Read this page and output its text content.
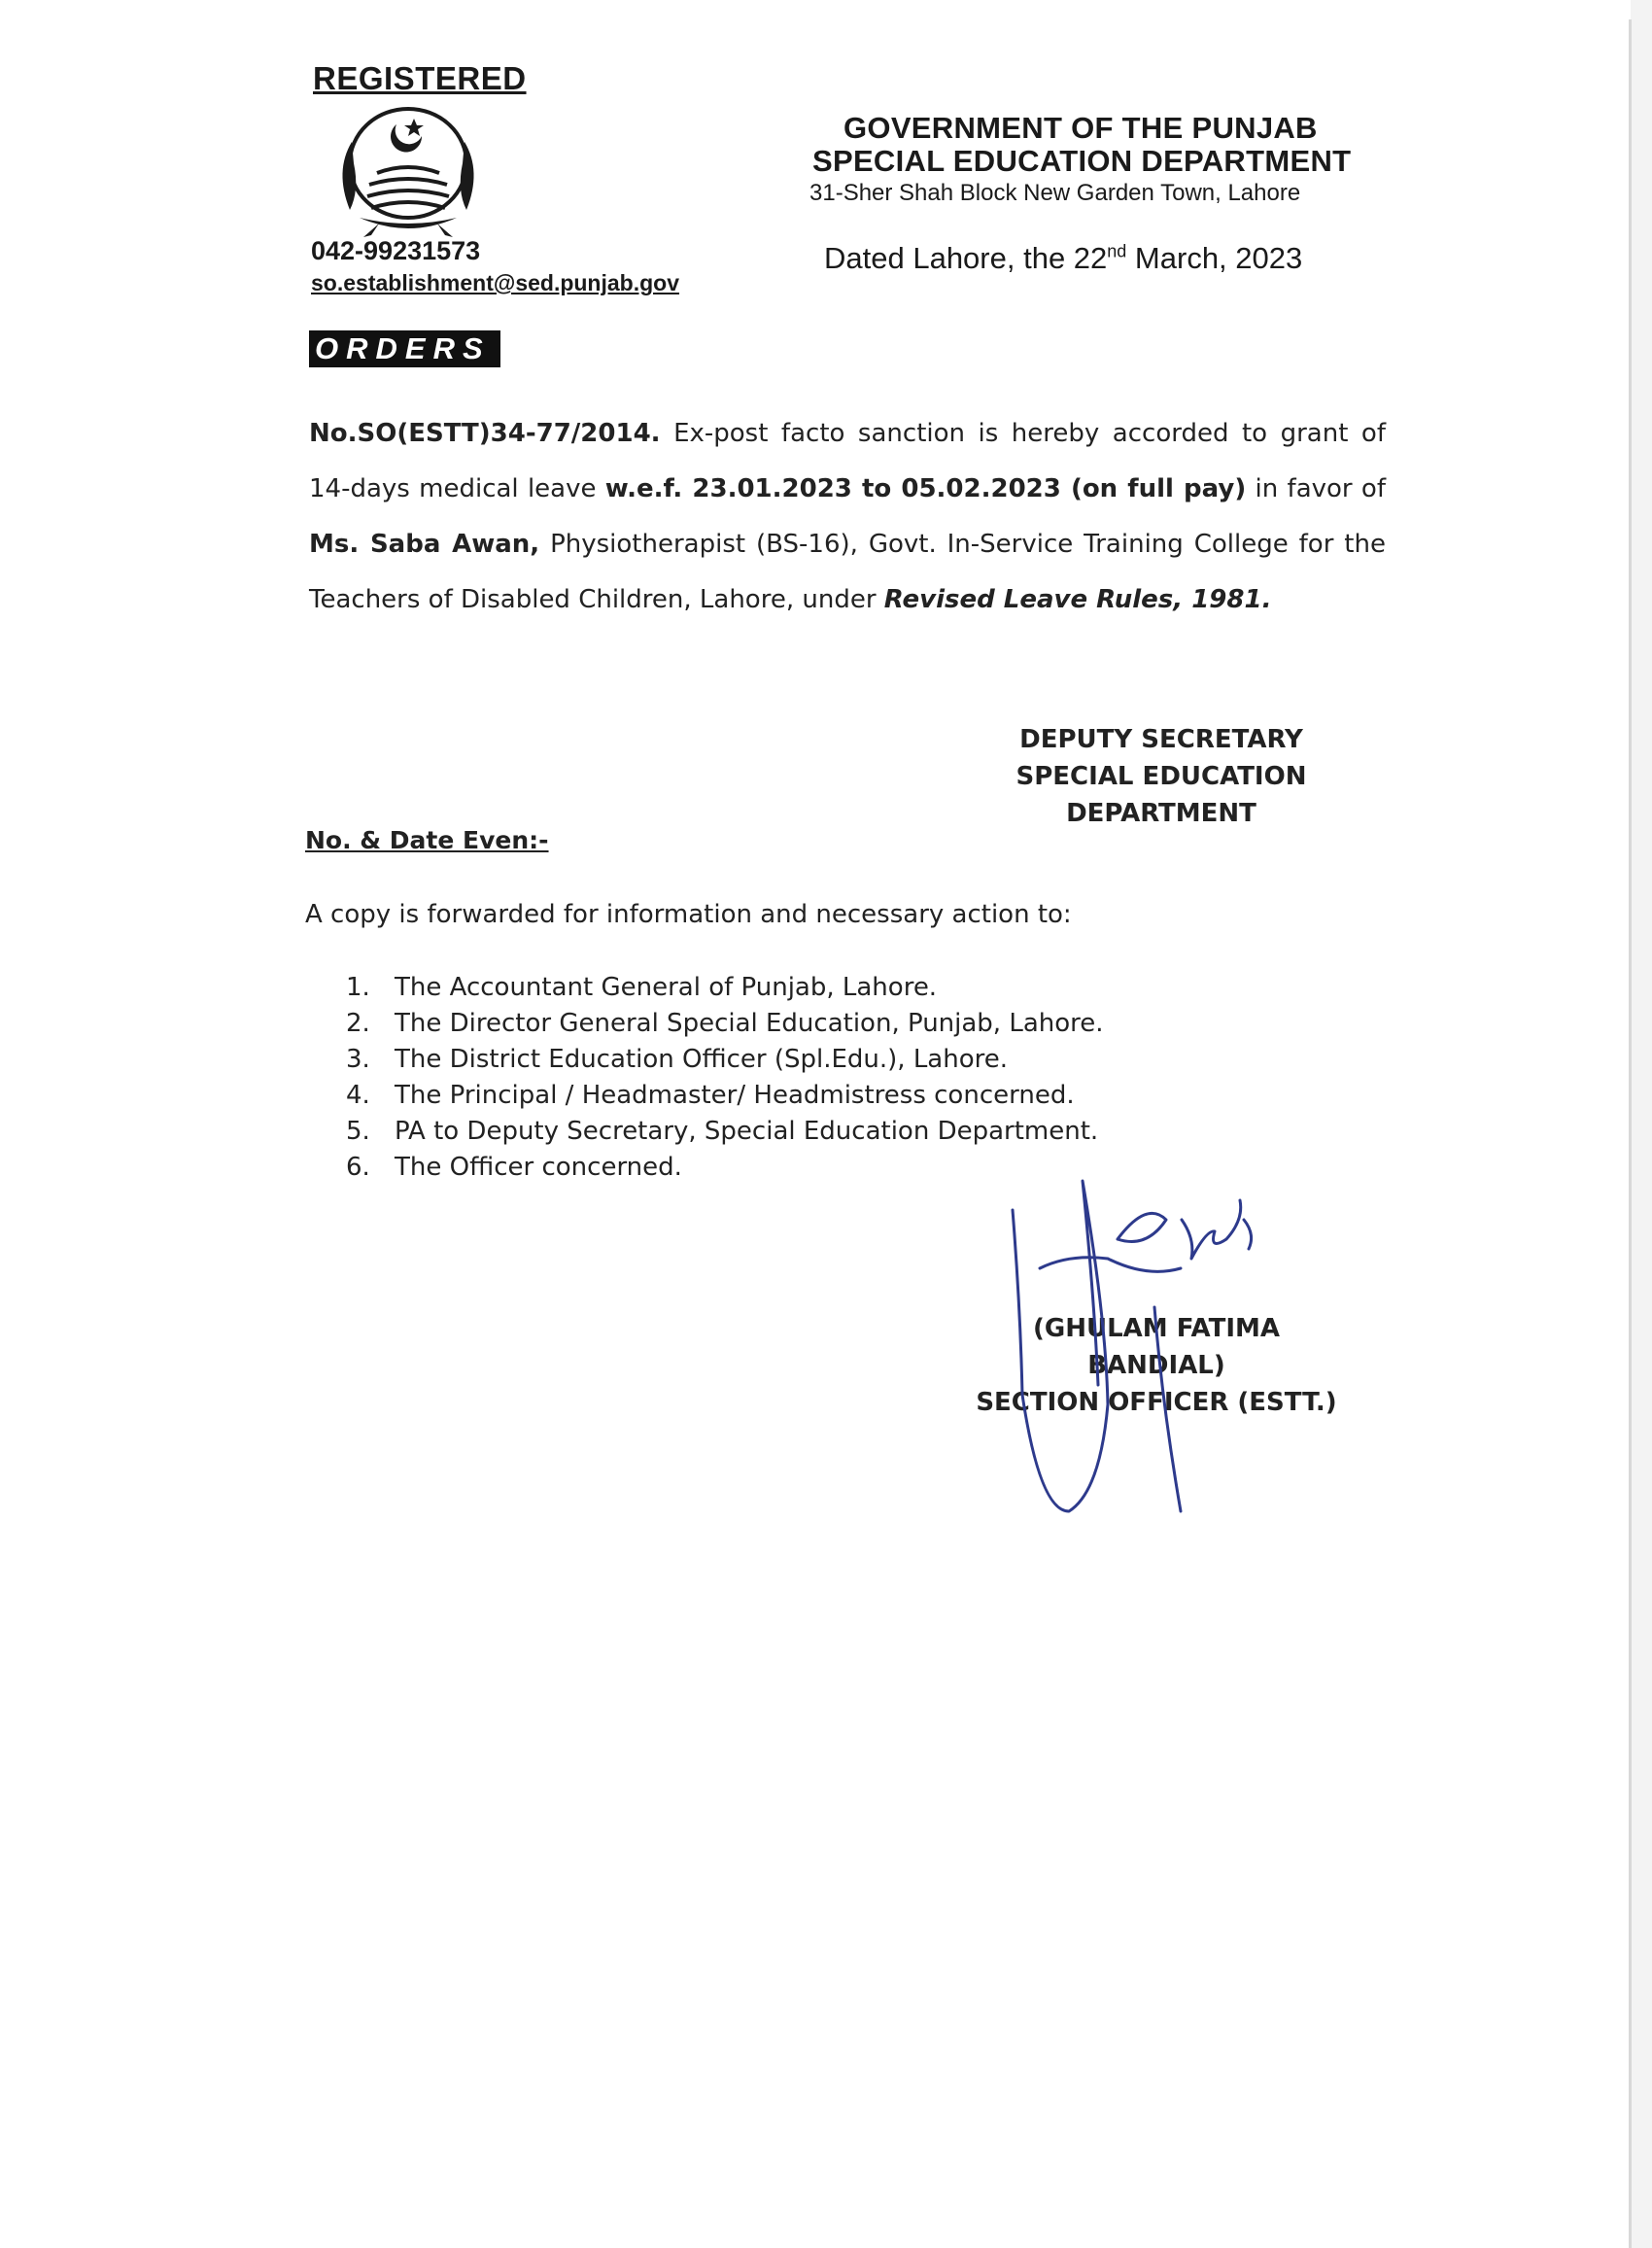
REGISTERED
042-99231573
so.establishment@sed.punjab.gov
GOVERNMENT OF THE PUNJAB
SPECIAL EDUCATION DEPARTMENT
31-Sher Shah Block New Garden Town, Lahore
Dated Lahore, the 22nd March, 2023
ORDERS
No.SO(ESTT)34-77/2014. Ex-post facto sanction is hereby accorded to grant of 14-days medical leave w.e.f. 23.01.2023 to 05.02.2023 (on full pay) in favor of Ms. Saba Awan, Physiotherapist (BS-16), Govt. In-Service Training College for the Teachers of Disabled Children, Lahore, under Revised Leave Rules, 1981.
DEPUTY SECRETARY
SPECIAL EDUCATION
DEPARTMENT
No. & Date Even:-
A copy is forwarded for information and necessary action to:
1. The Accountant General of Punjab, Lahore.
2. The Director General Special Education, Punjab, Lahore.
3. The District Education Officer (Spl.Edu.), Lahore.
4. The Principal / Headmaster/ Headmistress concerned.
5. PA to Deputy Secretary, Special Education Department.
6. The Officer concerned.
(GHULAM FATIMA BANDIAL)
SECTION OFFICER (ESTT.)
